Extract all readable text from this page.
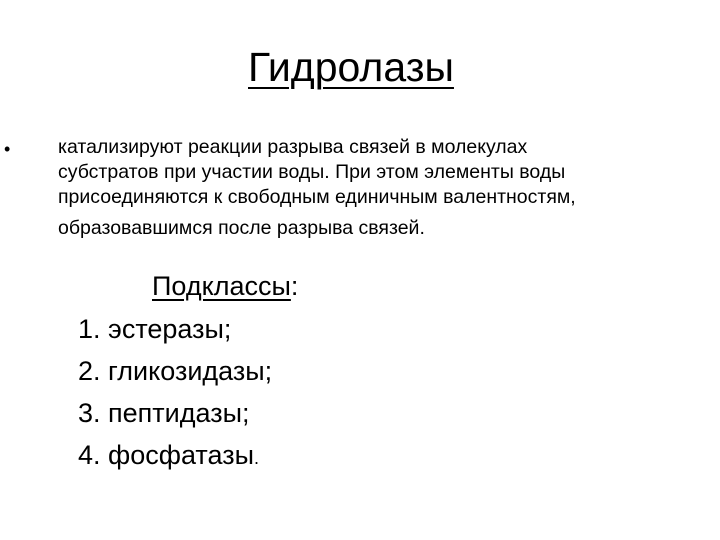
Гидролазы
• катализируют реакции разрыва связей в молекулах
субстратов при участии воды. При этом элементы воды
присоединяются к свободным единичным валентностям,
образовавшимся после разрыва связей.
Подклассы:
1. эстеразы;
2. гликозидазы;
3. пептидазы;
4. фосфатазы.
